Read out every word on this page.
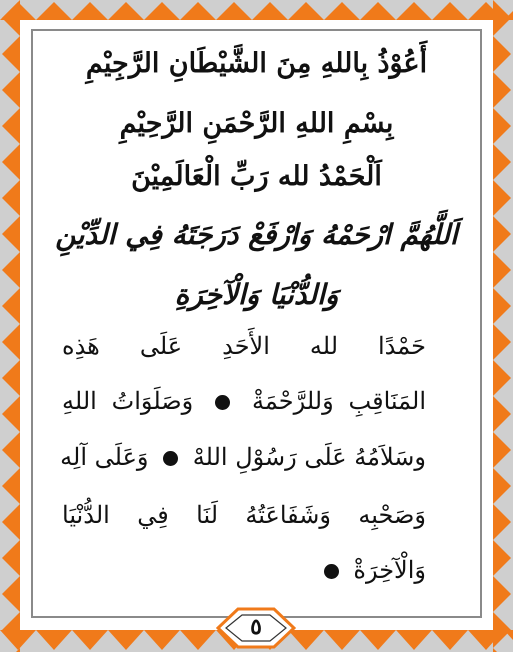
أَعُوْذُ بِاللهِ مِنَ الشَّيْطَانِ الرَّجِيْمِ
بِسْمِ اللهِ الرَّحْمَنِ الرَّحِيْمِ
اَلْحَمْدُ لله رَبِّ الْعَالَمِيْنَ
اَللَّهُمَّ ارْحَمْهُ وَارْفَعْ دَرَجَتَهُ فِي الدِّيْنِ
وَالدُّنْيَا وَالْآخِرَةِ
حَمْدًا لله الأَحَدِ عَلَى هَذِه
المَنَاقِبِ وَللرَّحْمَةْ  وَصَلَوَاتُ اللهِ
وسَلاَمُهُ عَلَى رَسُوْلِ اللهْ  وَعَلَى آلِه
وَصَحْبِه وَشَفَاعَتُهُ لَنَا فِي الدُّنْيَا
وَالْآخِرَةْ
٥
